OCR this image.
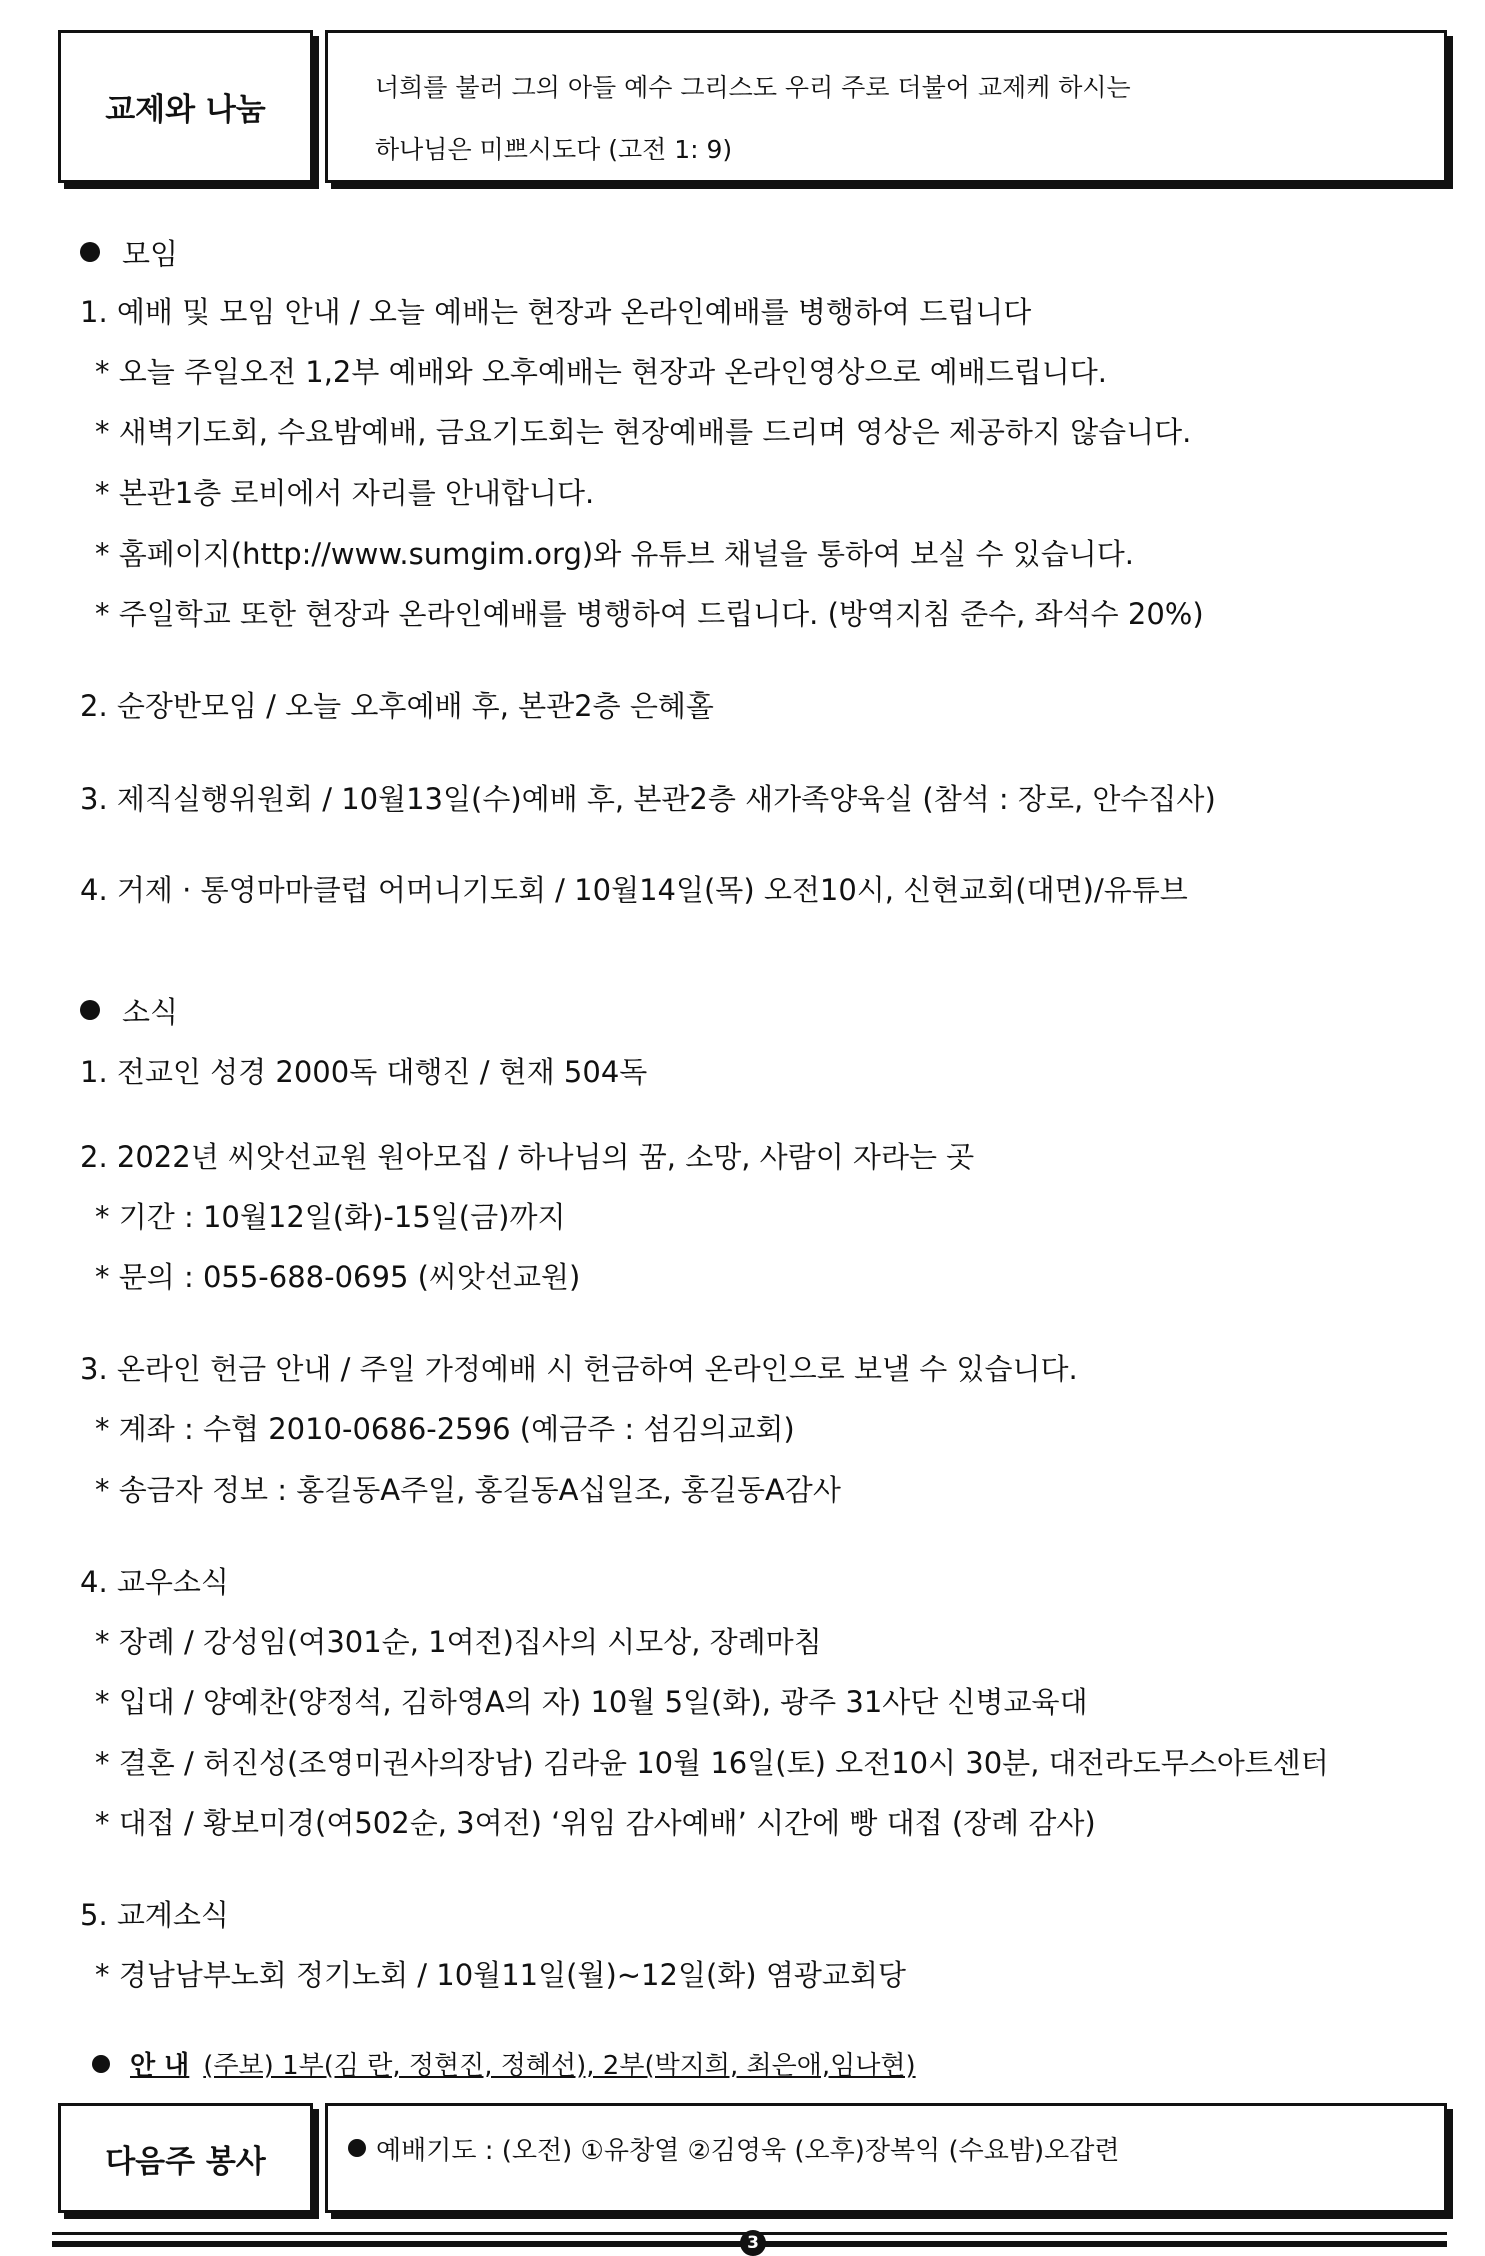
교제와 나눔
너희를 불러 그의 아들 예수 그리스도 우리 주로 더불어 교제케 하시는
하나님은 미쁘시도다 (고전 1: 9)
모임
1. 예배 및 모임 안내 / 오늘 예배는 현장과 온라인예배를 병행하여 드립니다
* 오늘 주일오전 1,2부 예배와 오후예배는 현장과 온라인영상으로 예배드립니다.
* 새벽기도회, 수요밤예배, 금요기도회는 현장예배를 드리며 영상은 제공하지 않습니다.
* 본관1층 로비에서 자리를 안내합니다.
* 홈페이지(http://www.sumgim.org)와 유튜브 채널을 통하여 보실 수 있습니다.
* 주일학교 또한 현장과 온라인예배를 병행하여 드립니다. (방역지침 준수, 좌석수 20%)
2. 순장반모임 / 오늘 오후예배 후, 본관2층 은혜홀
3. 제직실행위원회 / 10월13일(수)예배 후, 본관2층 새가족양육실 (참석 : 장로, 안수집사)
4. 거제 · 통영마마클럽 어머니기도회 / 10월14일(목) 오전10시, 신현교회(대면)/유튜브
소식
1. 전교인 성경 2000독 대행진 / 현재 504독
2. 2022년 씨앗선교원 원아모집 / 하나님의 꿈, 소망, 사람이 자라는 곳
* 기간 : 10월12일(화)-15일(금)까지
* 문의 : 055-688-0695 (씨앗선교원)
3. 온라인 헌금 안내 / 주일 가정예배 시 헌금하여 온라인으로 보낼 수 있습니다.
* 계좌 : 수협 2010-0686-2596 (예금주 : 섬김의교회)
* 송금자 정보 : 홍길동A주일, 홍길동A십일조, 홍길동A감사
4. 교우소식
* 장례 / 강성임(여301순, 1여전)집사의 시모상, 장례마침
* 입대 / 양예찬(양정석, 김하영A의 자) 10월 5일(화), 광주 31사단 신병교육대
* 결혼 / 허진성(조영미권사의장남) 김라윤 10월 16일(토) 오전10시 30분, 대전라도무스아트센터
* 대접 / 황보미경(여502순, 3여전) ‘위임 감사예배’ 시간에 빵 대접 (장례 감사)
5. 교계소식
* 경남남부노회 정기노회 / 10월11일(월)~12일(화) 염광교회당
안 내 (주보) 1부(김 란, 정현진, 정혜선), 2부(박지희, 최은애,임나현)
다음주 봉사	예배기도 : (오전) ①유창열 ②김영욱 (오후)장복익 (수요밤)오갑련
3
